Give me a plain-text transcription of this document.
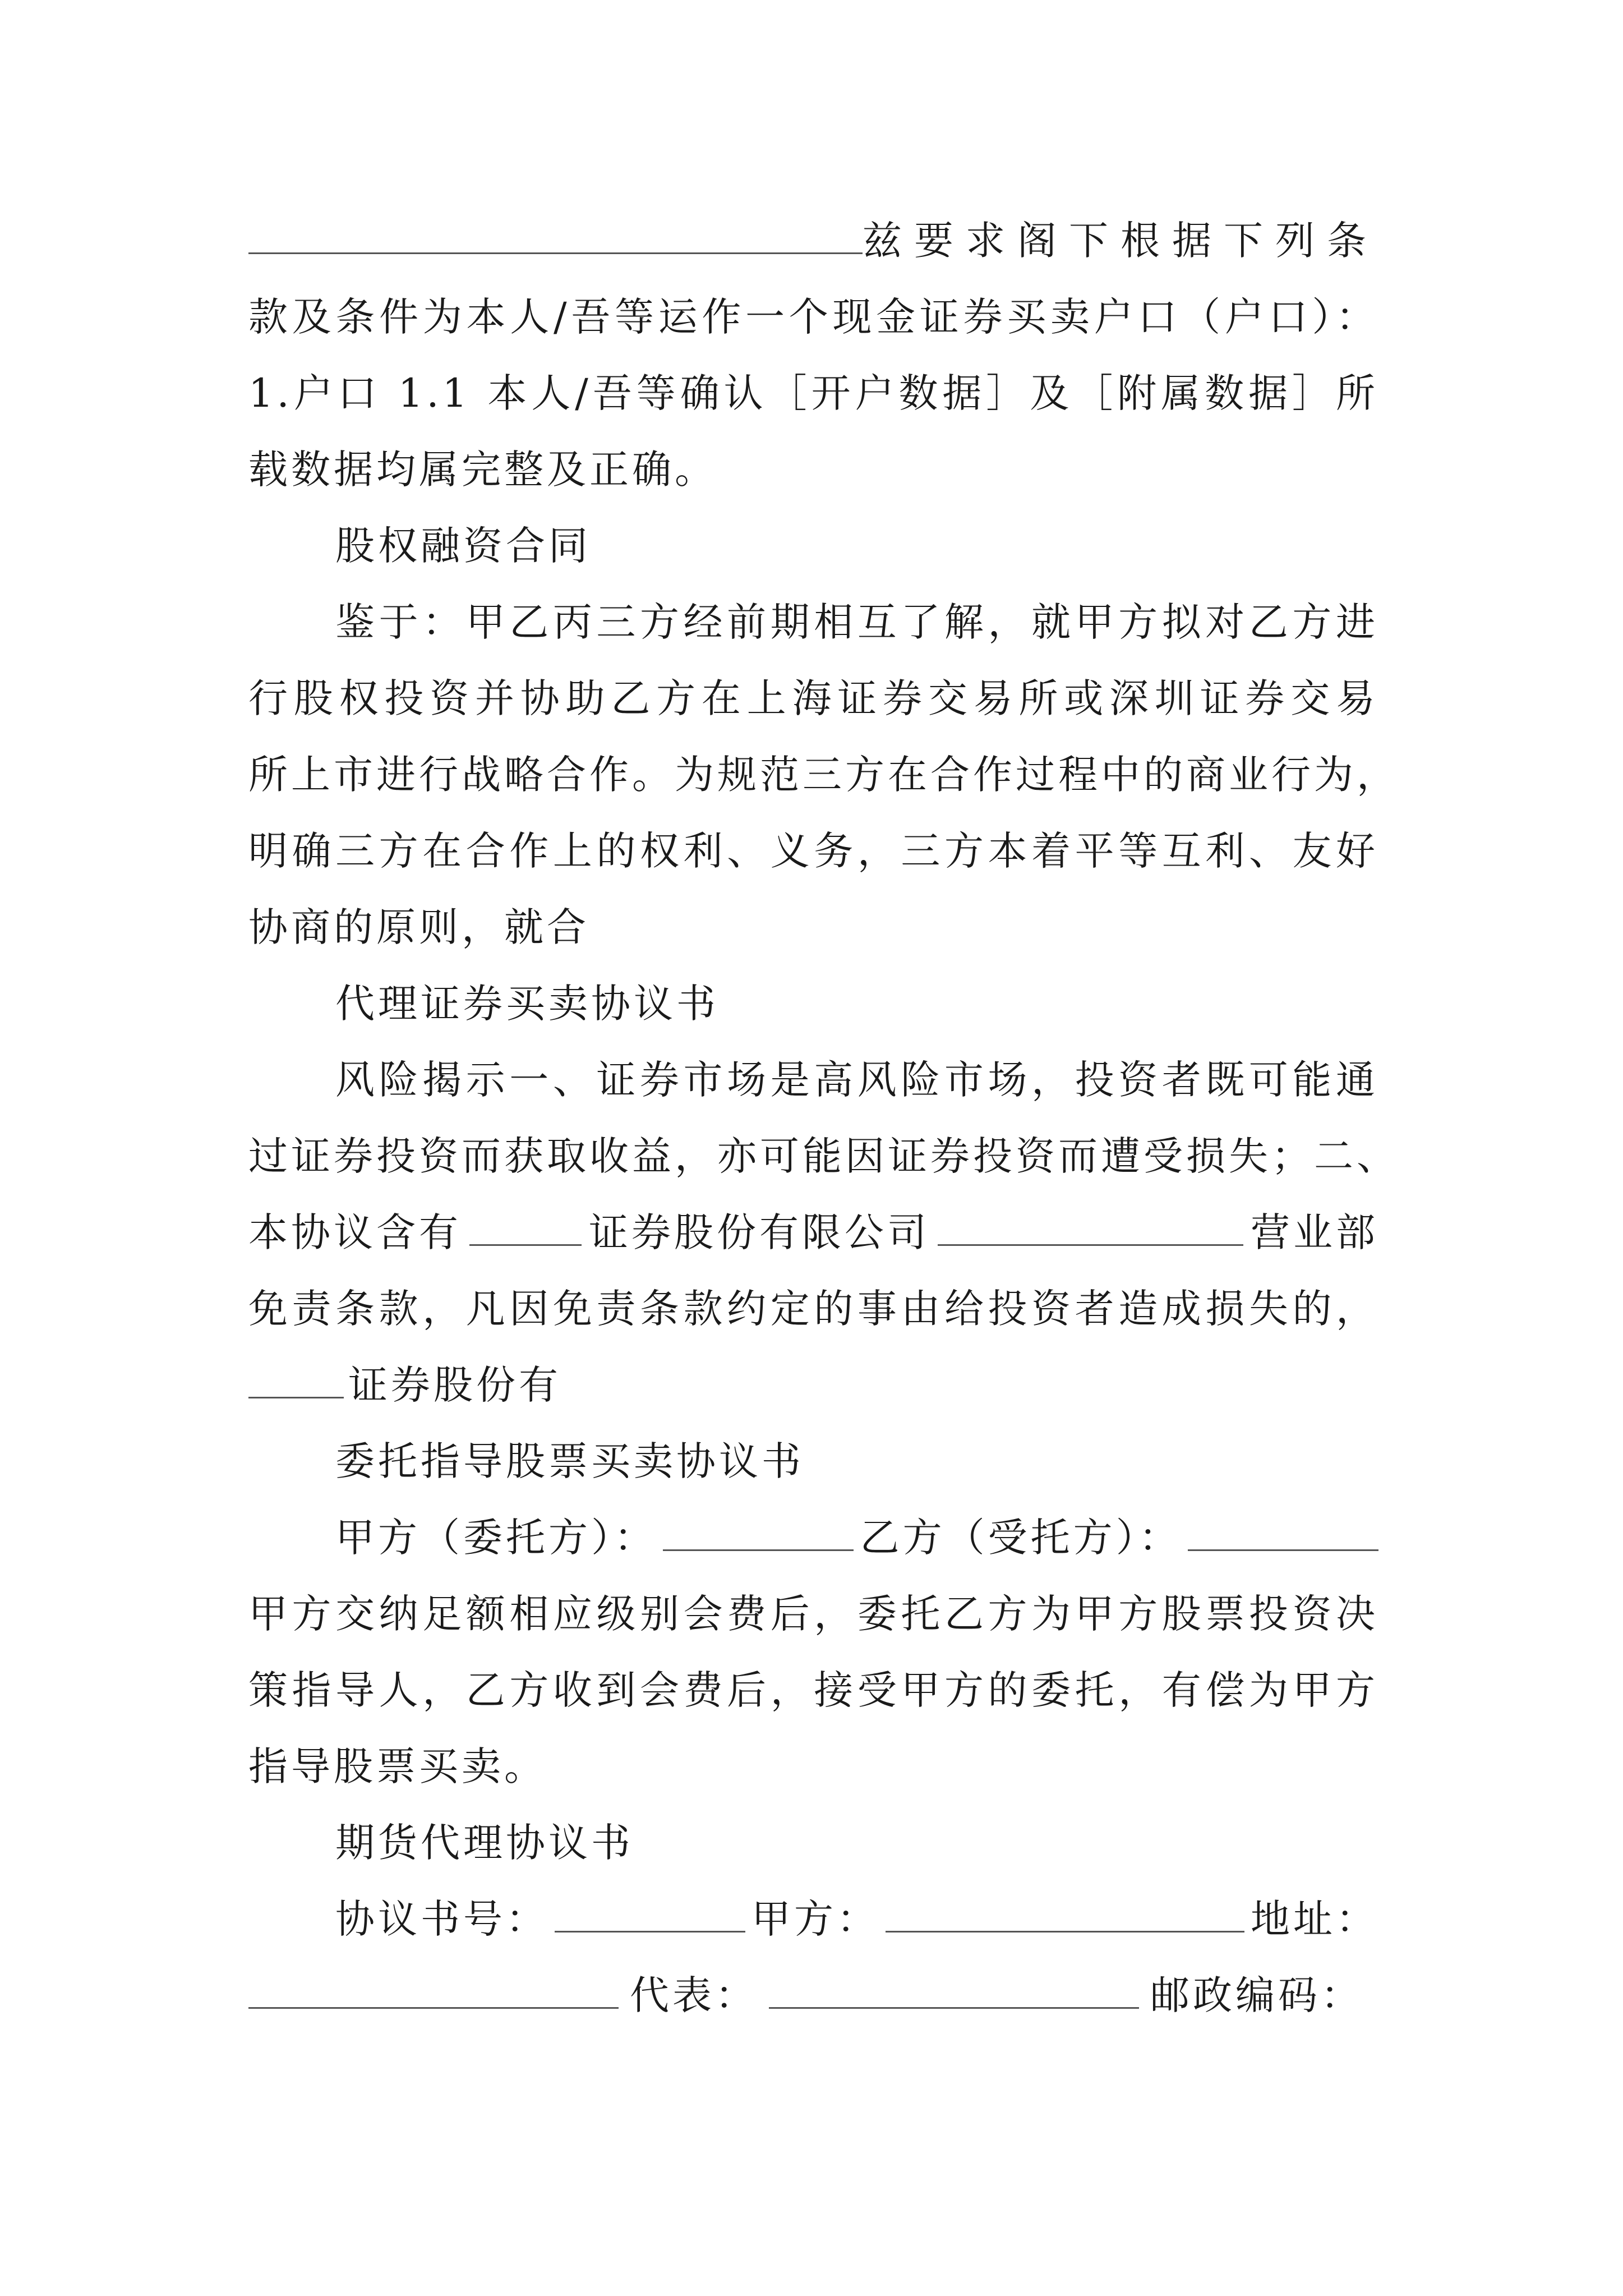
兹要求阁下根据下列条
款及条件为本人/吾等运作一个现金证券买卖户口（户口）：
1.户口 1.1 本人/吾等确认［开户数据］及［附属数据］所
载数据均属完整及正确。
股权融资合同
鉴于：甲乙丙三方经前期相互了解，就甲方拟对乙方进
行股权投资并协助乙方在上海证券交易所或深圳证券交易
所上市进行战略合作。为规范三方在合作过程中的商业行为，
明确三方在合作上的权利、义务，三方本着平等互利、友好
协商的原则，就合
代理证券买卖协议书
风险揭示一、证券市场是高风险市场，投资者既可能通
过证券投资而获取收益，亦可能因证券投资而遭受损失；二、
本协议含有	证券股份有限公司	营业部
免责条款，凡因免责条款约定的事由给投资者造成损失的，
证券股份有
委托指导股票买卖协议书
甲方（委托方）：	乙方（受托方）：
甲方交纳足额相应级别会费后，委托乙方为甲方股票投资决
策指导人，乙方收到会费后，接受甲方的委托，有偿为甲方
指导股票买卖。
期货代理协议书
协议书号：	甲方：	地址：
代表：	邮政编码：
